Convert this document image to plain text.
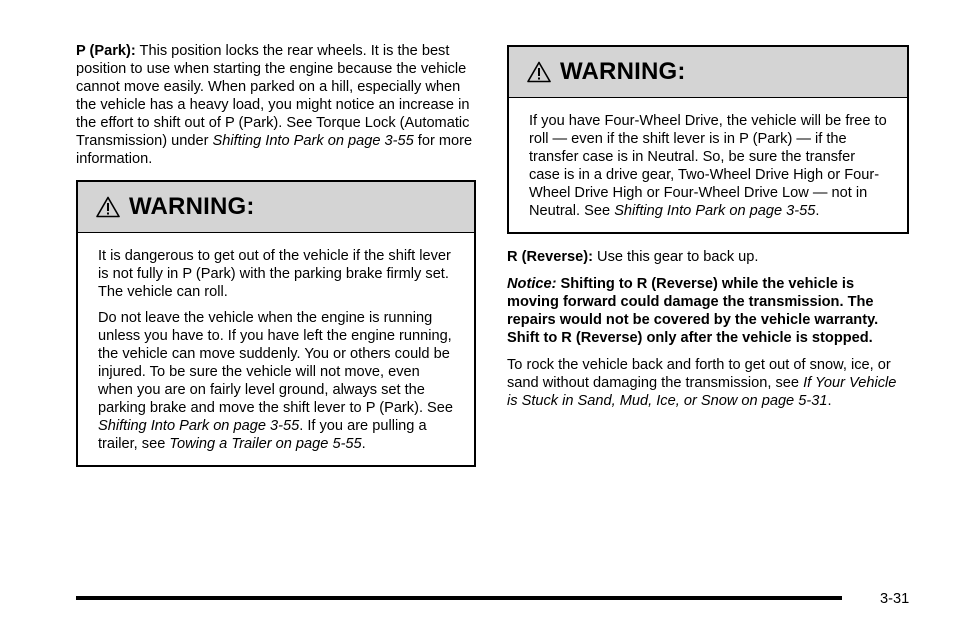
P (Park): This position locks the rear wheels. It is the best position to use when starting the engine because the vehicle cannot move easily. When parked on a hill, especially when the vehicle has a heavy load, you might notice an increase in the effort to shift out of P (Park). See Torque Lock (Automatic Transmission) under Shifting Into Park on page 3-55 for more information.

WARNING:

It is dangerous to get out of the vehicle if the shift lever is not fully in P (Park) with the parking brake firmly set. The vehicle can roll.

Do not leave the vehicle when the engine is running unless you have to. If you have left the engine running, the vehicle can move suddenly. You or others could be injured. To be sure the vehicle will not move, even when you are on fairly level ground, always set the parking brake and move the shift lever to P (Park). See Shifting Into Park on page 3-55. If you are pulling a trailer, see Towing a Trailer on page 5-55.

WARNING:

If you have Four-Wheel Drive, the vehicle will be free to roll — even if the shift lever is in P (Park) — if the transfer case is in Neutral. So, be sure the transfer case is in a drive gear, Two-Wheel Drive High or Four-Wheel Drive High or Four-Wheel Drive Low — not in Neutral. See Shifting Into Park on page 3-55.

R (Reverse): Use this gear to back up.

Notice: Shifting to R (Reverse) while the vehicle is moving forward could damage the transmission. The repairs would not be covered by the vehicle warranty. Shift to R (Reverse) only after the vehicle is stopped.

To rock the vehicle back and forth to get out of snow, ice, or sand without damaging the transmission, see If Your Vehicle is Stuck in Sand, Mud, Ice, or Snow on page 5-31.

3-31
